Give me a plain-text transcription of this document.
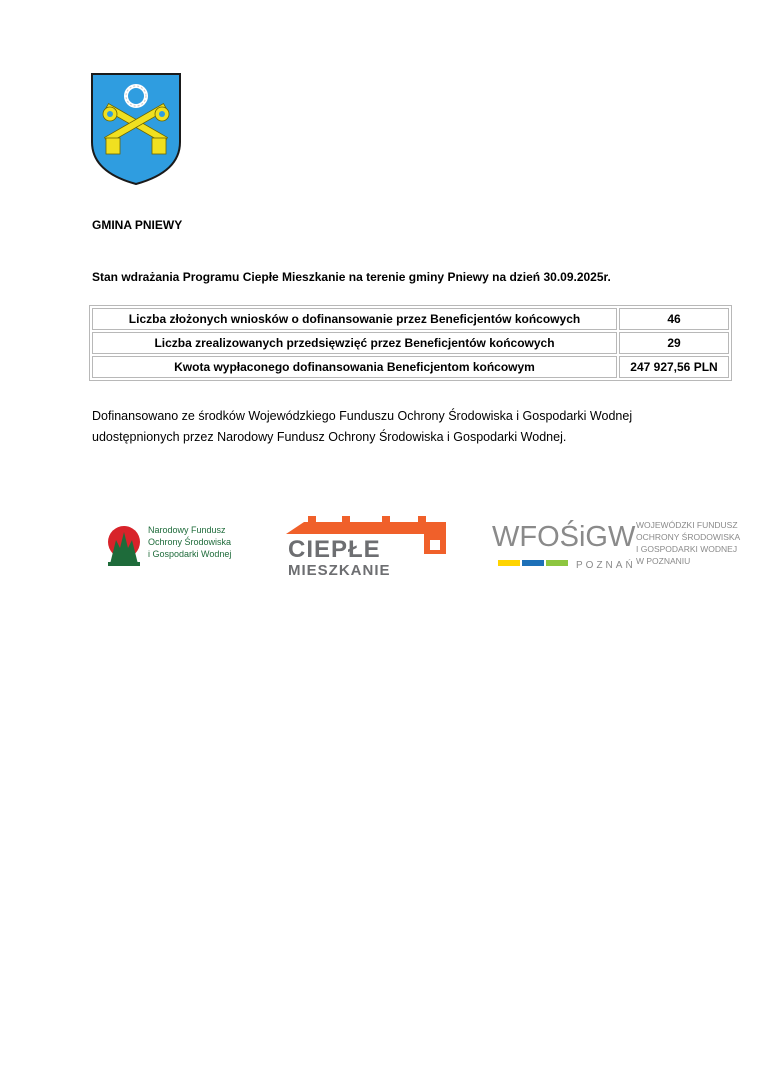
GMINA PNIEWY
Stan wdrażania Programu Ciepłe Mieszkanie na terenie gminy Pniewy na dzień 30.09.2025r.
Liczba złożonych wniosków o dofinansowanie przez Beneficjentów końcowych	46
Liczba zrealizowanych przedsięwzięć przez Beneficjentów końcowych	29
Kwota wypłaconego dofinansowania Beneficjentom końcowym	247 927,56 PLN
Dofinansowano ze środków Wojewódzkiego Funduszu Ochrony Środowiska i Gospodarki Wodnej udostępnionych przez Narodowy Fundusz Ochrony Środowiska i Gospodarki Wodnej.
Narodowy Fundusz
Ochrony Środowiska
i Gospodarki Wodnej CIEPŁE
MIESZKANIE
WFOŚiGW
POZNAŃ
WOJEWÓDZKI FUNDUSZ
OCHRONY ŚRODOWISKA
I GOSPODARKI WODNEJ
W POZNANIU
